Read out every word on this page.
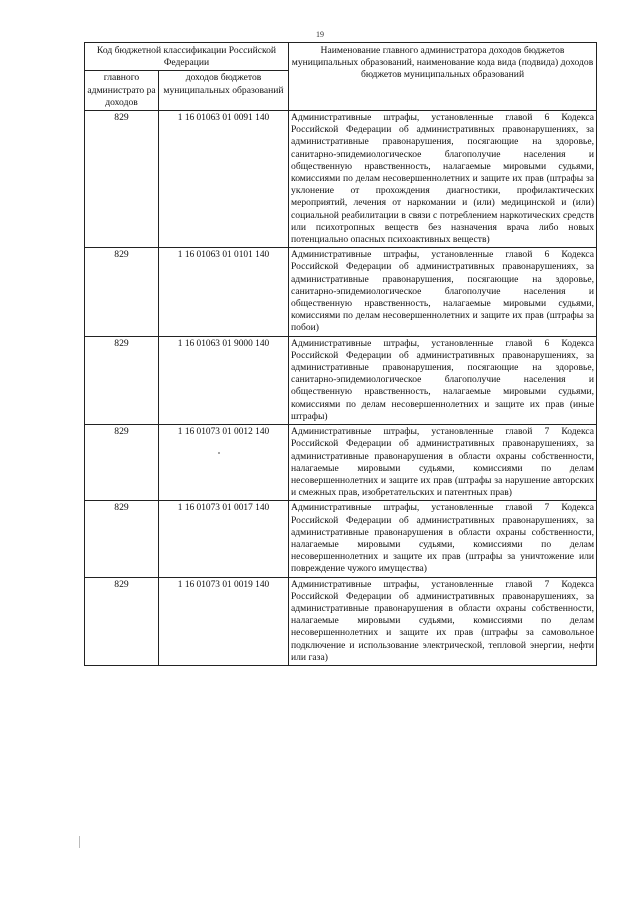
19
Код бюджетной классификации Российской Федерации		Наименование главного администратора доходов бюджетов муниципальных образований, наименование кода вида (подвида) доходов бюджетов муниципальных образований
главного администрато ра доходов	доходов бюджетов муниципальных образований	
829	1 16 01063 01 0091 140	Административные штрафы, установленные главой 6 Кодекса Российской Федерации об административных правонарушениях, за административные правонарушения, посягающие на здоровье, санитарно-эпидемиологическое благополучие населения и общественную нравственность, налагаемые мировыми судьями, комиссиями по делам несовершеннолетних и защите их прав (штрафы за уклонение от прохождения диагностики, профилактических мероприятий, лечения от наркомании и (или) медицинской и (или) социальной реабилитации в связи с потреблением наркотических средств или психотропных веществ без назначения врача либо новых потенциально опасных психоактивных веществ)
829	1 16 01063 01 0101 140	Административные штрафы, установленные главой 6 Кодекса Российской Федерации об административных правонарушениях, за административные правонарушения, посягающие на здоровье, санитарно-эпидемиологическое благополучие населения и общественную нравственность, налагаемые мировыми судьями, комиссиями по делам несовершеннолетних и защите их прав (штрафы за побои)
829	1 16 01063 01 9000 140	Административные штрафы, установленные главой 6 Кодекса Российской Федерации об административных правонарушениях, за административные правонарушения, посягающие на здоровье, санитарно-эпидемиологическое благополучие населения и общественную нравственность, налагаемые мировыми судьями, комиссиями по делам несовершеннолетних и защите их прав (иные штрафы)
829	1 16 01073 01 0012 140	Административные штрафы, установленные главой 7 Кодекса Российской Федерации об административных правонарушениях, за административные правонарушения в области охраны собственности, налагаемые мировыми судьями, комиссиями по делам несовершеннолетних и защите их прав (штрафы за нарушение авторских и смежных прав, изобретательских и патентных прав)
829	1 16 01073 01 0017 140	Административные штрафы, установленные главой 7 Кодекса Российской Федерации об административных правонарушениях, за административные правонарушения в области охраны собственности, налагаемые мировыми судьями, комиссиями по делам несовершеннолетних и защите их прав (штрафы за уничтожение или повреждение чужого имущества)
829	1 16 01073 01 0019 140	Административные штрафы, установленные главой 7 Кодекса Российской Федерации об административных правонарушениях, за административные правонарушения в области охраны собственности, налагаемые мировыми судьями, комиссиями по делам несовершеннолетних и защите их прав (штрафы за самовольное подключение и использование электрической, тепловой энергии, нефти или газа)
